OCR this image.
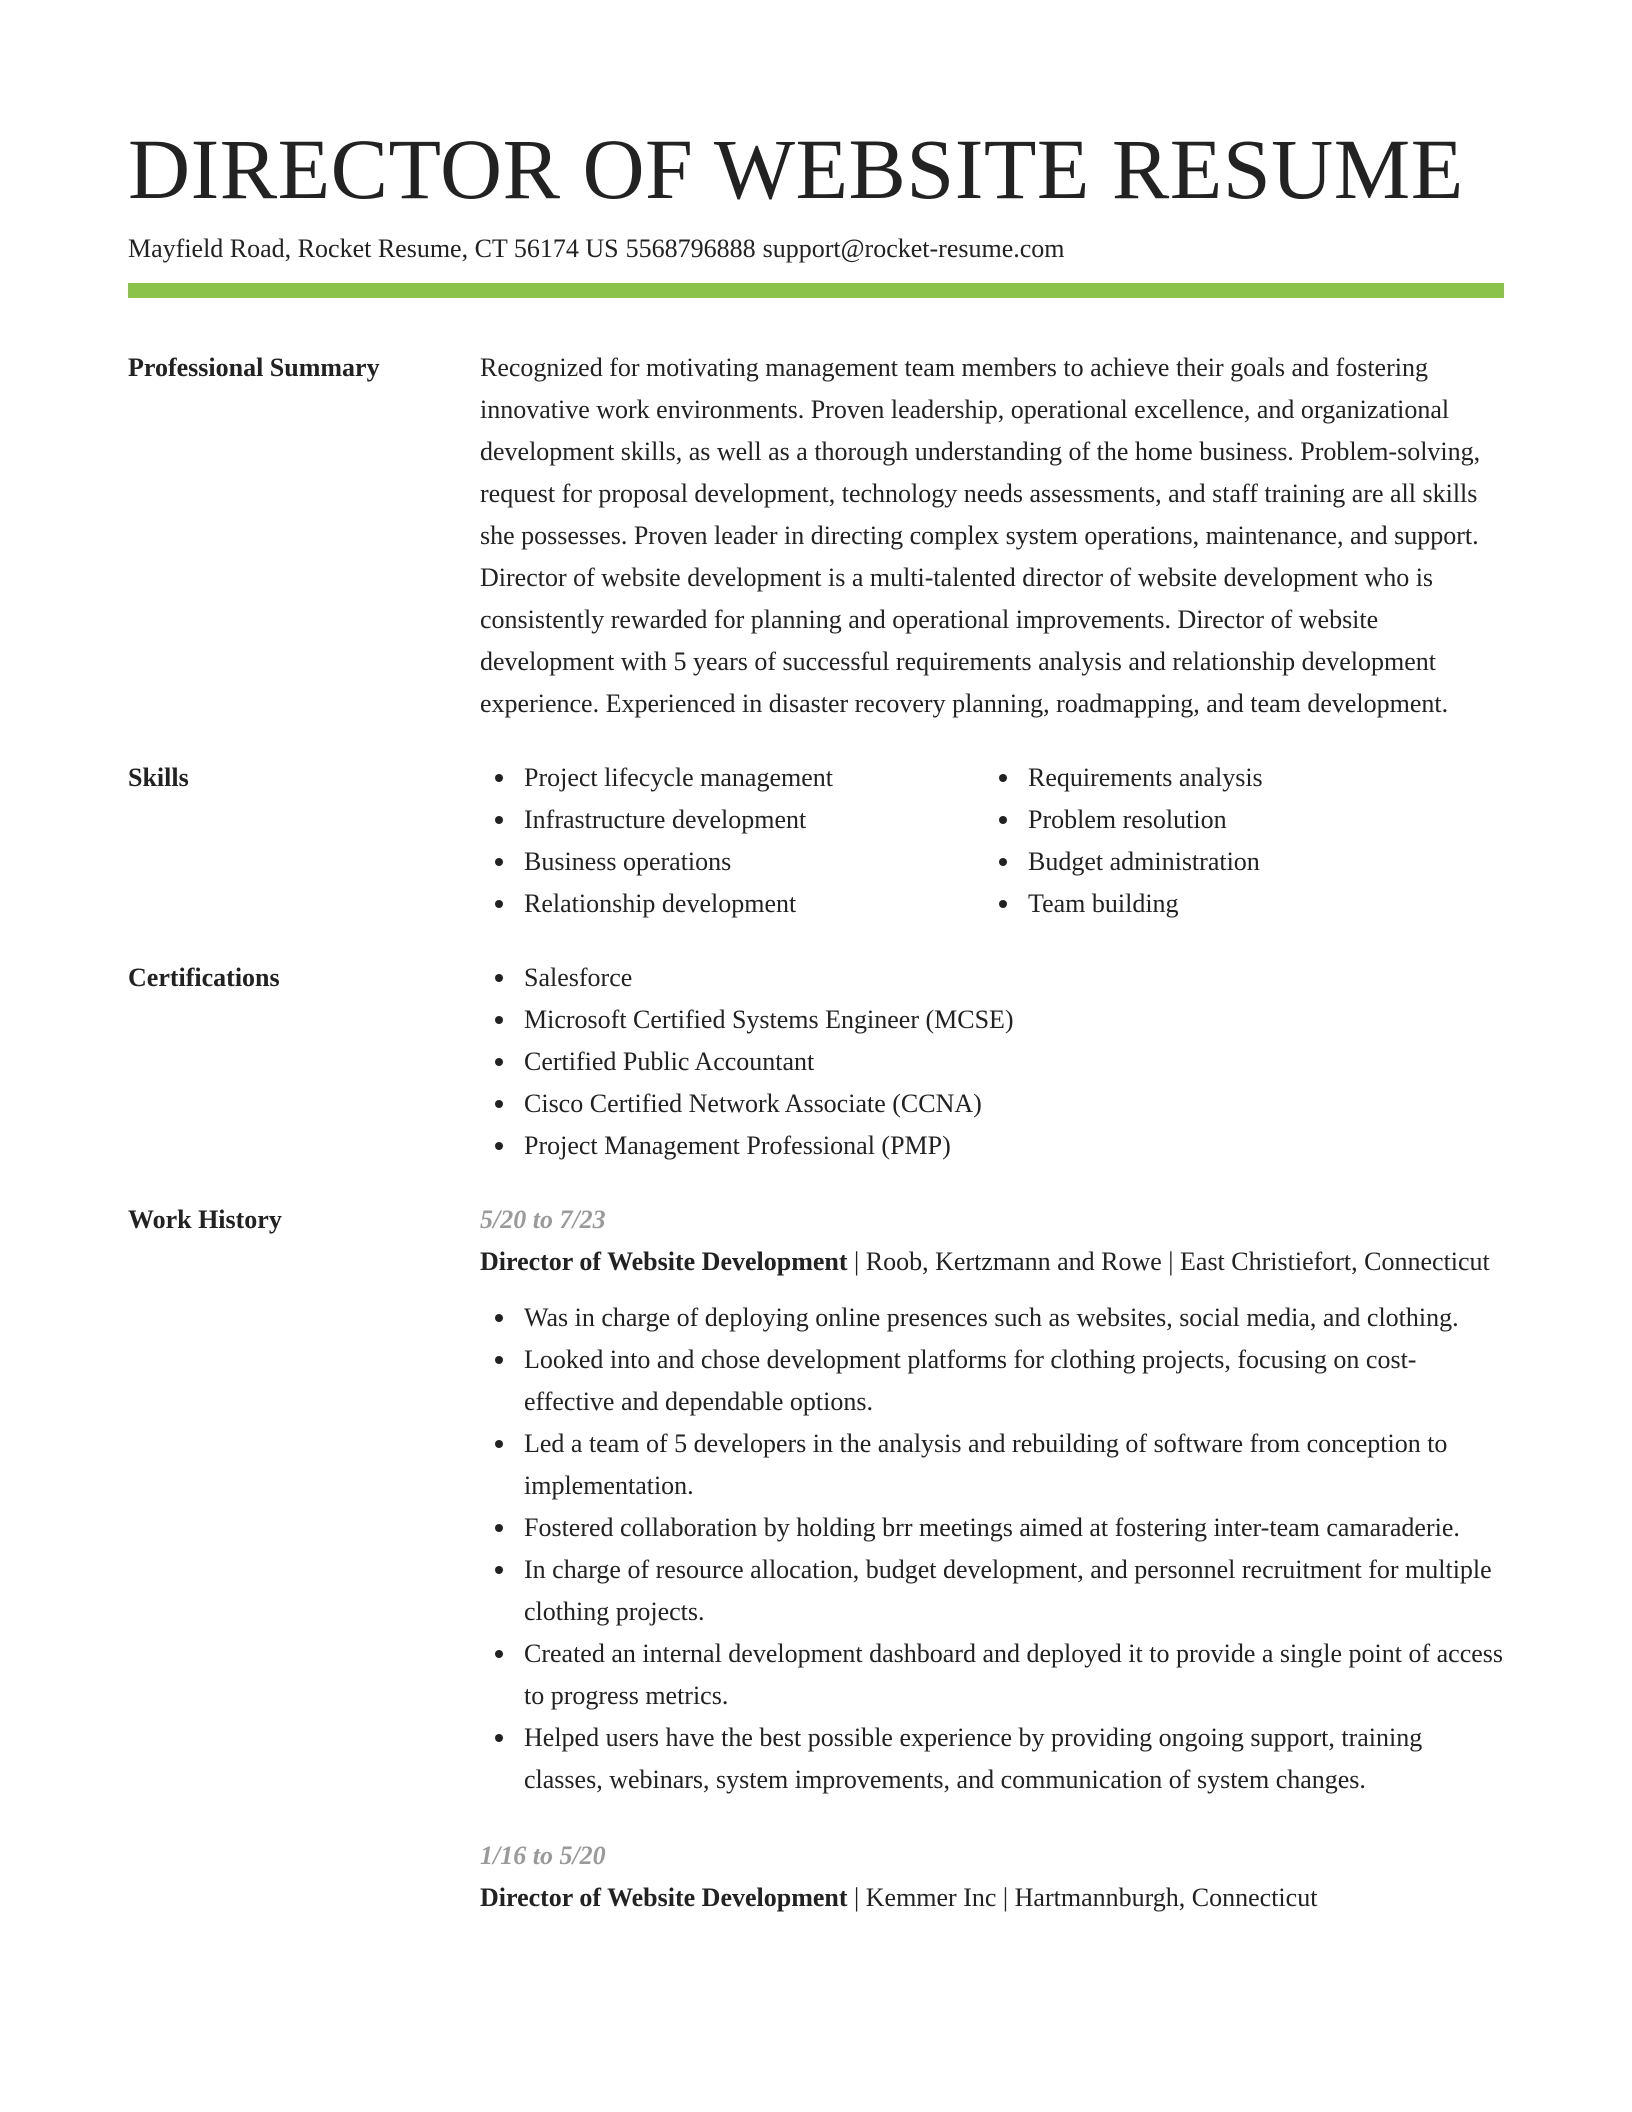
DIRECTOR OF WEBSITE RESUME
Mayfield Road, Rocket Resume, CT 56174 US 5568796888 support@rocket-resume.com
Professional Summary	Recognized for motivating management team members to achieve their goals and fostering innovative work environments. Proven leadership, operational excellence, and organizational development skills, as well as a thorough understanding of the home business. Problem-solving, request for proposal development, technology needs assessments, and staff training are all skills she possesses. Proven leader in directing complex system operations, maintenance, and support. Director of website development is a multi-talented director of website development who is consistently rewarded for planning and operational improvements. Director of website development with 5 years of successful requirements analysis and relationship development experience. Experienced in disaster recovery planning, roadmapping, and team development.

Skills	Project lifecycle management
Infrastructure development
Business operations
Relationship development
Requirements analysis
Problem resolution
Budget administration
Team building
Certifications	Salesforce
Microsoft Certified Systems Engineer (MCSE)
Certified Public Accountant
Cisco Certified Network Associate (CCNA)
Project Management Professional (PMP)
Work History	5/20 to 7/23

Director of Website Development | Roob, Kertzmann and Rowe | East Christiefort, Connecticut

Was in charge of deploying online presences such as websites, social media, and clothing.
Looked into and chose development platforms for clothing projects, focusing on cost-effective and dependable options.
Led a team of 5 developers in the analysis and rebuilding of software from conception to implementation.
Fostered collaboration by holding brr meetings aimed at fostering inter-team camaraderie.
In charge of resource allocation, budget development, and personnel recruitment for multiple clothing projects.
Created an internal development dashboard and deployed it to provide a single point of access to progress metrics.
Helped users have the best possible experience by providing ongoing support, training classes, webinars, system improvements, and communication of system changes.
1/16 to 5/20

Director of Website Development | Kemmer Inc | Hartmannburgh, Connecticut
